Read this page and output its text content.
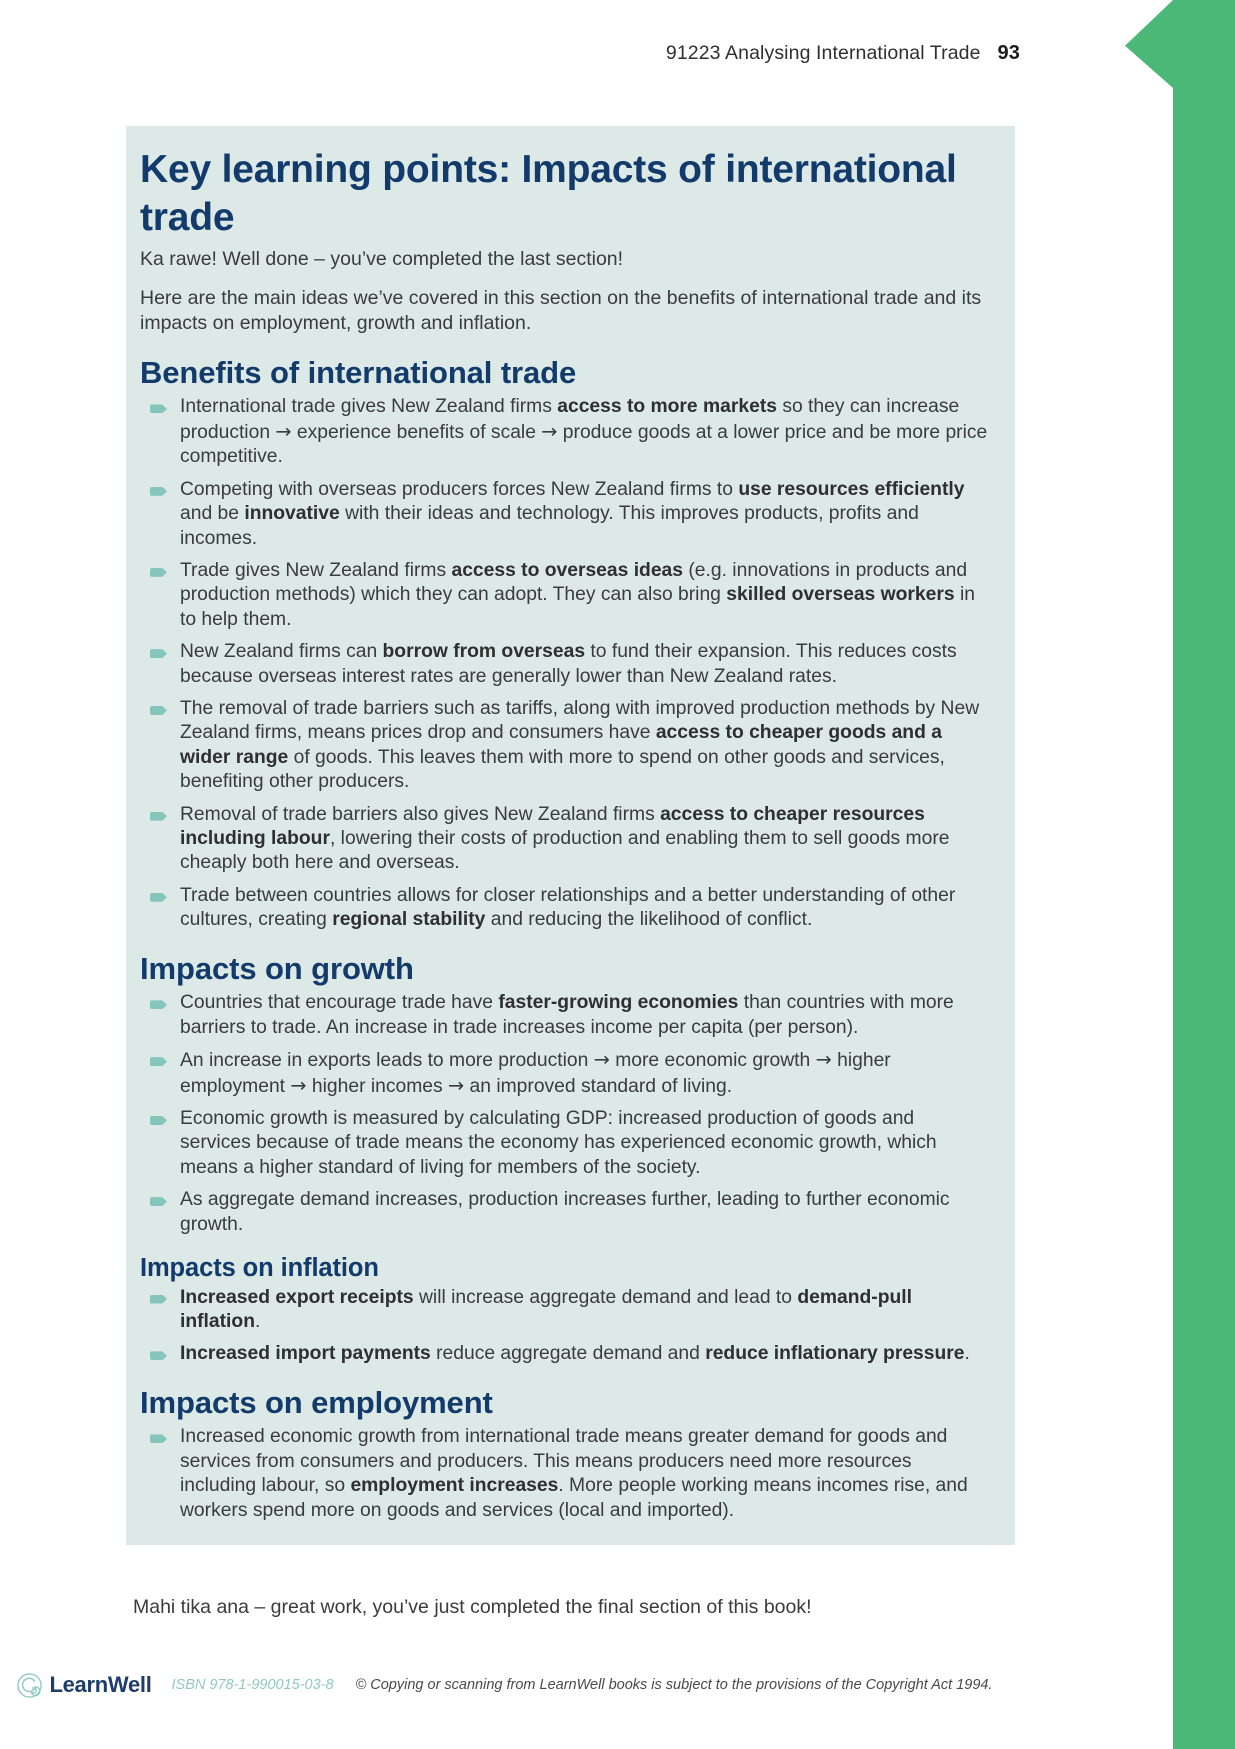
91223 Analysing International Trade 93
Key learning points: Impacts of international trade

Ka rawe! Well done – you’ve completed the last section!

Here are the main ideas we’ve covered in this section on the benefits of international trade and its impacts on employment, growth and inflation.

Benefits of international trade
International trade gives New Zealand firms access to more markets so they can increase production → experience benefits of scale → produce goods at a lower price and be more price competitive.
Competing with overseas producers forces New Zealand firms to use resources efficiently and be innovative with their ideas and technology. This improves products, profits and incomes.
Trade gives New Zealand firms access to overseas ideas (e.g. innovations in products and production methods) which they can adopt. They can also bring skilled overseas workers in to help them.
New Zealand firms can borrow from overseas to fund their expansion. This reduces costs because overseas interest rates are generally lower than New Zealand rates.
The removal of trade barriers such as tariffs, along with improved production methods by New Zealand firms, means prices drop and consumers have access to cheaper goods and a wider range of goods. This leaves them with more to spend on other goods and services, benefiting other producers.
Removal of trade barriers also gives New Zealand firms access to cheaper resources including labour, lowering their costs of production and enabling them to sell goods more cheaply both here and overseas.
Trade between countries allows for closer relationships and a better understanding of other cultures, creating regional stability and reducing the likelihood of conflict.
Impacts on growth
Countries that encourage trade have faster-growing economies than countries with more barriers to trade. An increase in trade increases income per capita (per person).
An increase in exports leads to more production → more economic growth → higher employment → higher incomes → an improved standard of living.
Economic growth is measured by calculating GDP: increased production of goods and services because of trade means the economy has experienced economic growth, which means a higher standard of living for members of the society.
As aggregate demand increases, production increases further, leading to further economic growth.
Impacts on inflation
Increased export receipts will increase aggregate demand and lead to demand-pull inflation.
Increased import payments reduce aggregate demand and reduce inflationary pressure.
Impacts on employment
Increased economic growth from international trade means greater demand for goods and services from consumers and producers. This means producers need more resources including labour, so employment increases. More people working means incomes rise, and workers spend more on goods and services (local and imported).
Mahi tika ana – great work, you’ve just completed the final section of this book!
LearnWell ISBN 978-1-990015-03-8 © Copying or scanning from LearnWell books is subject to the provisions of the Copyright Act 1994.
